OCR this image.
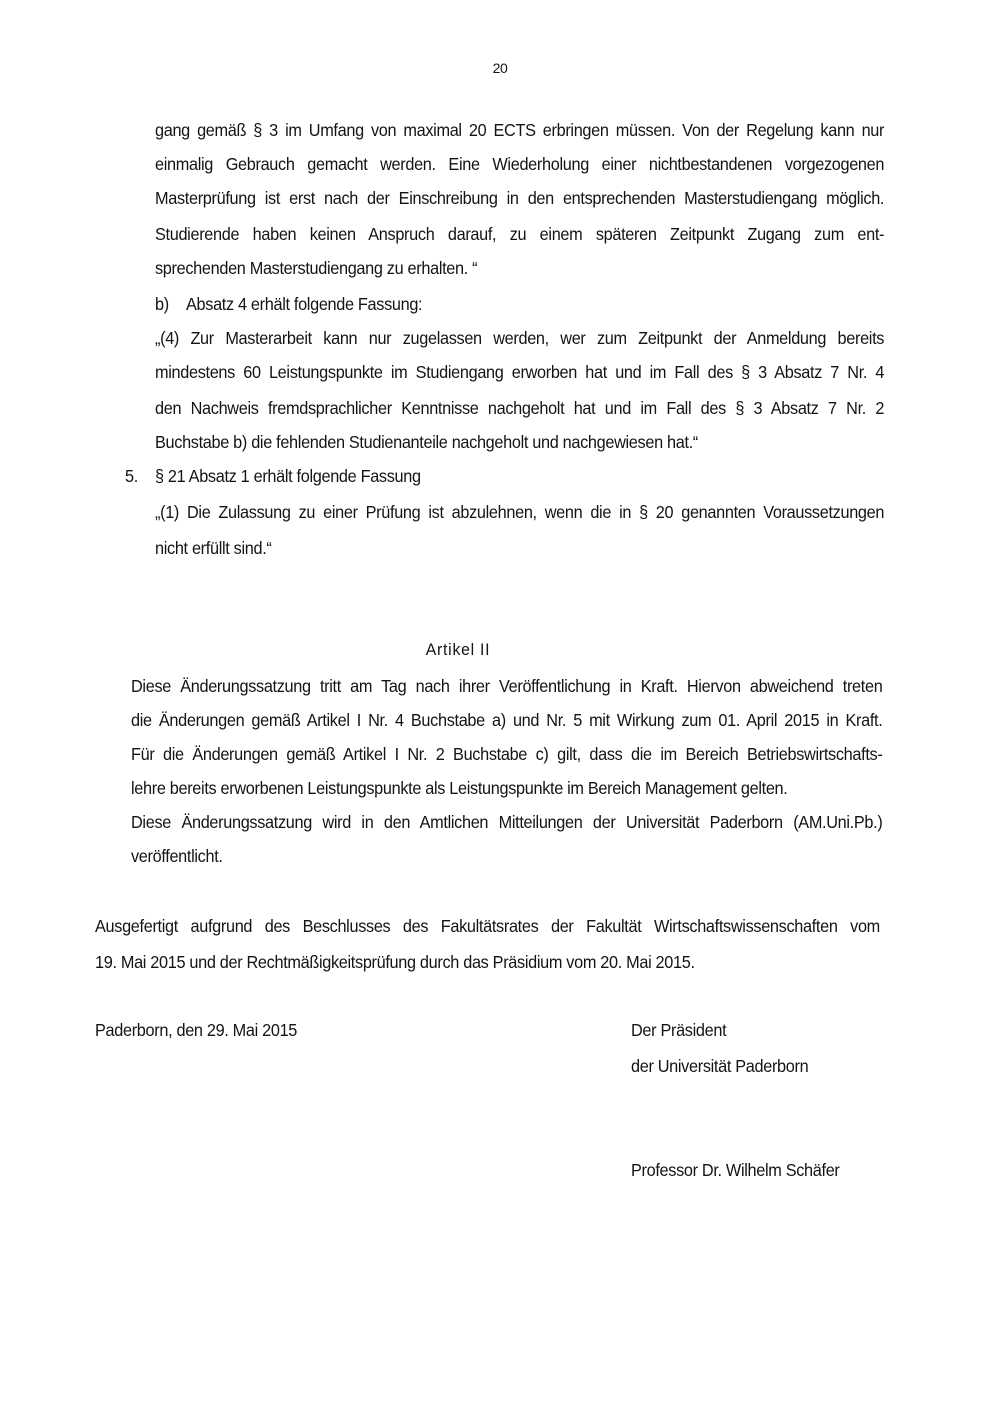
20
gang gemäß § 3 im Umfang von maximal 20 ECTS erbringen müssen. Von der Regelung kann nur
einmalig Gebrauch gemacht werden. Eine Wiederholung einer nichtbestandenen vorgezogenen
Masterprüfung ist erst nach der Einschreibung in den entsprechenden Masterstudiengang möglich.
Studierende haben keinen Anspruch darauf, zu einem späteren Zeitpunkt Zugang zum ent-
sprechenden Masterstudiengang zu erhalten. “
b) Absatz 4 erhält folgende Fassung:
„(4) Zur Masterarbeit kann nur zugelassen werden, wer zum Zeitpunkt der Anmeldung bereits
mindestens 60 Leistungspunkte im Studiengang erworben hat und im Fall des § 3 Absatz 7 Nr. 4
den Nachweis fremdsprachlicher Kenntnisse nachgeholt hat und im Fall des § 3 Absatz 7 Nr. 2
Buchstabe b) die fehlenden Studienanteile nachgeholt und nachgewiesen hat.“
5. § 21 Absatz 1 erhält folgende Fassung
„(1) Die Zulassung zu einer Prüfung ist abzulehnen, wenn die in § 20 genannten Voraussetzungen
nicht erfüllt sind.“
Artikel II
Diese Änderungssatzung tritt am Tag nach ihrer Veröffentlichung in Kraft. Hiervon abweichend treten
die Änderungen gemäß Artikel I Nr. 4 Buchstabe a) und Nr. 5 mit Wirkung zum 01. April 2015 in Kraft.
Für die Änderungen gemäß Artikel I Nr. 2 Buchstabe c) gilt, dass die im Bereich Betriebswirtschafts-
lehre bereits erworbenen Leistungspunkte als Leistungspunkte im Bereich Management gelten.
Diese Änderungssatzung wird in den Amtlichen Mitteilungen der Universität Paderborn (AM.Uni.Pb.)
veröffentlicht.
Ausgefertigt aufgrund des Beschlusses des Fakultätsrates der Fakultät Wirtschaftswissenschaften vom
19. Mai 2015 und der Rechtmäßigkeitsprüfung durch das Präsidium vom 20. Mai 2015.
Paderborn, den 29. Mai 2015	Der Präsident
der Universität Paderborn
Professor Dr. Wilhelm Schäfer
